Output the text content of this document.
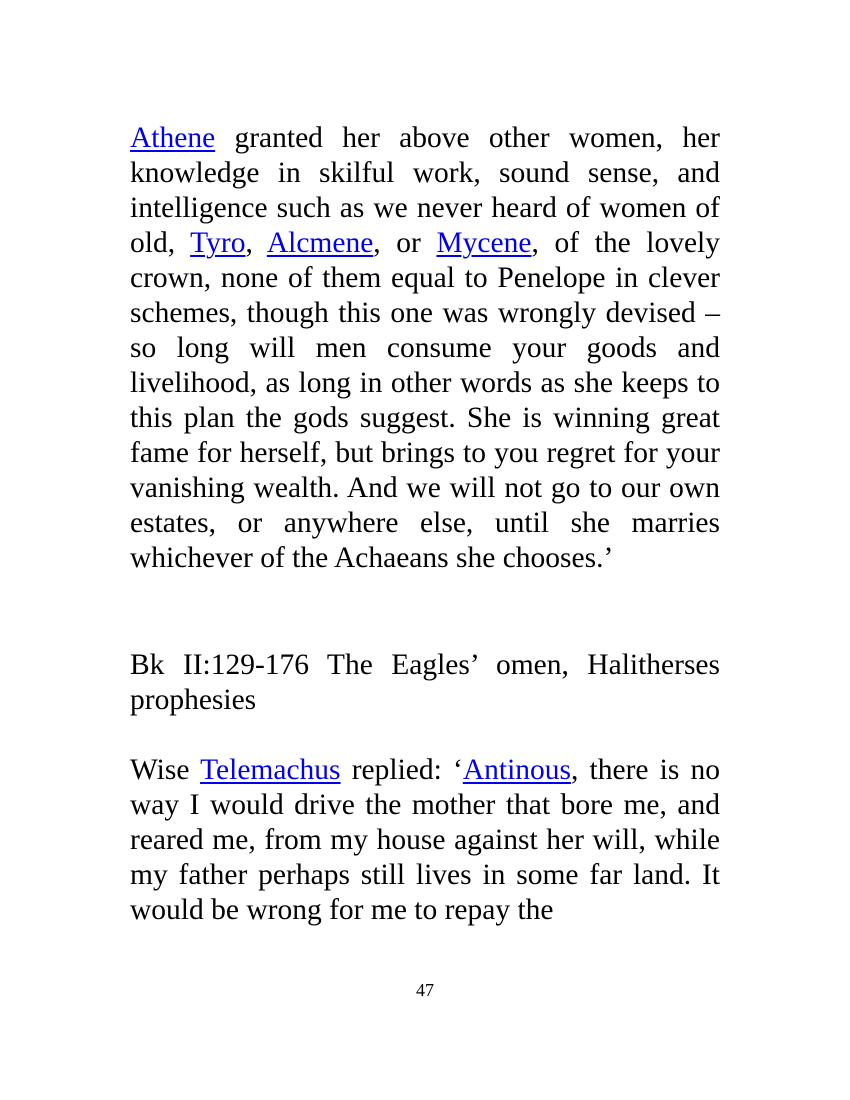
Athene granted her above other women, her knowledge in skilful work, sound sense, and intelligence such as we never heard of women of old, Tyro, Alcmene, or Mycene, of the lovely crown, none of them equal to Penelope in clever schemes, though this one was wrongly devised – so long will men consume your goods and livelihood, as long in other words as she keeps to this plan the gods suggest. She is winning great fame for herself, but brings to you regret for your vanishing wealth. And we will not go to our own estates, or anywhere else, until she marries whichever of the Achaeans she chooses.’

Bk II:129-176 The Eagles’ omen, Halitherses prophesies

Wise Telemachus replied: ‘Antinous, there is no way I would drive the mother that bore me, and reared me, from my house against her will, while my father perhaps still lives in some far land. It would be wrong for me to repay the

47
